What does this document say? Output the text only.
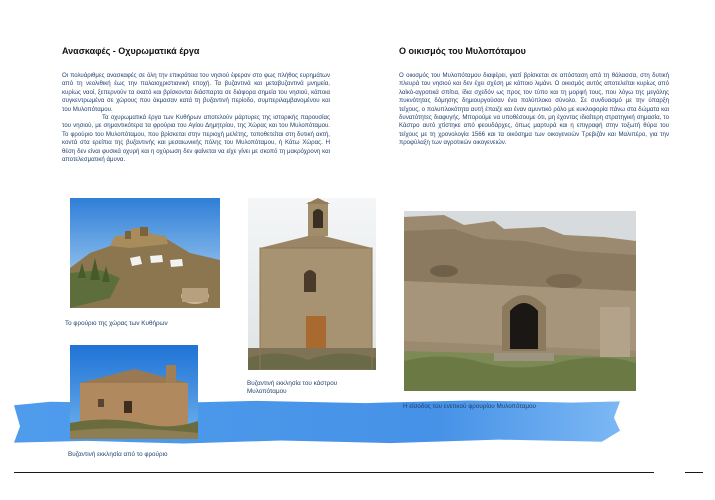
Ανασκαφές - Οχυρωματικά έργα

Οι πολυάριθμες ανασκαφές σε όλη την επικράτεια του νησιού έφεραν στο φως πλήθος ευρημάτων από τη νεολιθική έως την παλαιοχριστιανική εποχή. Τα βυζαντινά και μεταβυζαντινά μνημεία, κυρίως ναοί, ξεπερνούν τα εκατό και βρίσκονται διάσπαρτα σε διάφορα σημεία του νησιού, κάποια συγκεντρωμένα σε χώρους που άκμασαν κατά τη βυζαντινή περίοδο, συμπεριλαμβανομένου και του Μυλοπόταμου.

Τα οχυρωματικά έργα των Κυθήρων αποτελούν μάρτυρες της ιστορικής παρουσίας του νησιού, με σημαντικότερα τα φρούρια του Αγίου Δημητρίου, της Χώρας και του Μυλοπόταμου. Το φρούριο του Μυλοπόταμου, που βρίσκεται στην περιοχή μελέτης, τοποθετείται στη δυτική ακτή, κοντά στα ερείπια της βυζαντινής και μεσαιωνικής πόλης του Μυλοπόταμου, ή Κάτω Χώρας. Η θέση δεν είναι φυσικά οχυρή και η οχύρωση δεν φαίνεται να είχε γίνει με σκοπό τη μακρόχρονη και αποτελεσματική άμυνα.

Ο οικισμός του Μυλοπόταμου

Ο οικισμός του Μυλοπόταμου διαφέρει, γιατί βρίσκεται σε απόσταση από τη θάλασσα, στη δυτική πλευρά του νησιού και δεν έχει σχέση με κάποιο λιμάνι. Ο οικισμός αυτός αποτελείται κυρίως από λαϊκό-αγροτικά σπίτια, ίδια σχεδόν ως προς τον τύπο και τη μορφή τους, που λόγω της μεγάλης πυκνότητας δόμησης δημιουργούσαν ένα πολύπλοκο σύνολο. Σε συνδυασμό με την ύπαρξη τείχους, ο πολυπλοκότητα αυτή έπαιζε και έναν αμυντικό ρόλο με κυκλοφορία πάνω στα δώματα και δυνατότητες διαφυγής. Μπορούμε να υποθέσουμε ότι, μη έχοντας ιδιαίτερη στρατηγική σημασία, το Κάστρο αυτό χτίστηκε από φεουδάρχες, όπως μαρτυρά και η επιγραφή στην τοξωτή θύρα του τείχους με τη χρονολογία 1566 και τα οικόσημα των οικογενειών Τρεβιζάν και Μαλιπέρο, για την προφύλαξη των αγροτικών οικογενειών.

Το φρούριο της χώρας των Κυθήρων
Βυζαντινή εκκλησία του κάστρου Μυλοπόταμου
Η είσοδος του ενετικού φρουρίου Μυλοπόταμου
Βυζαντινή εκκλησία από το φρούριο
